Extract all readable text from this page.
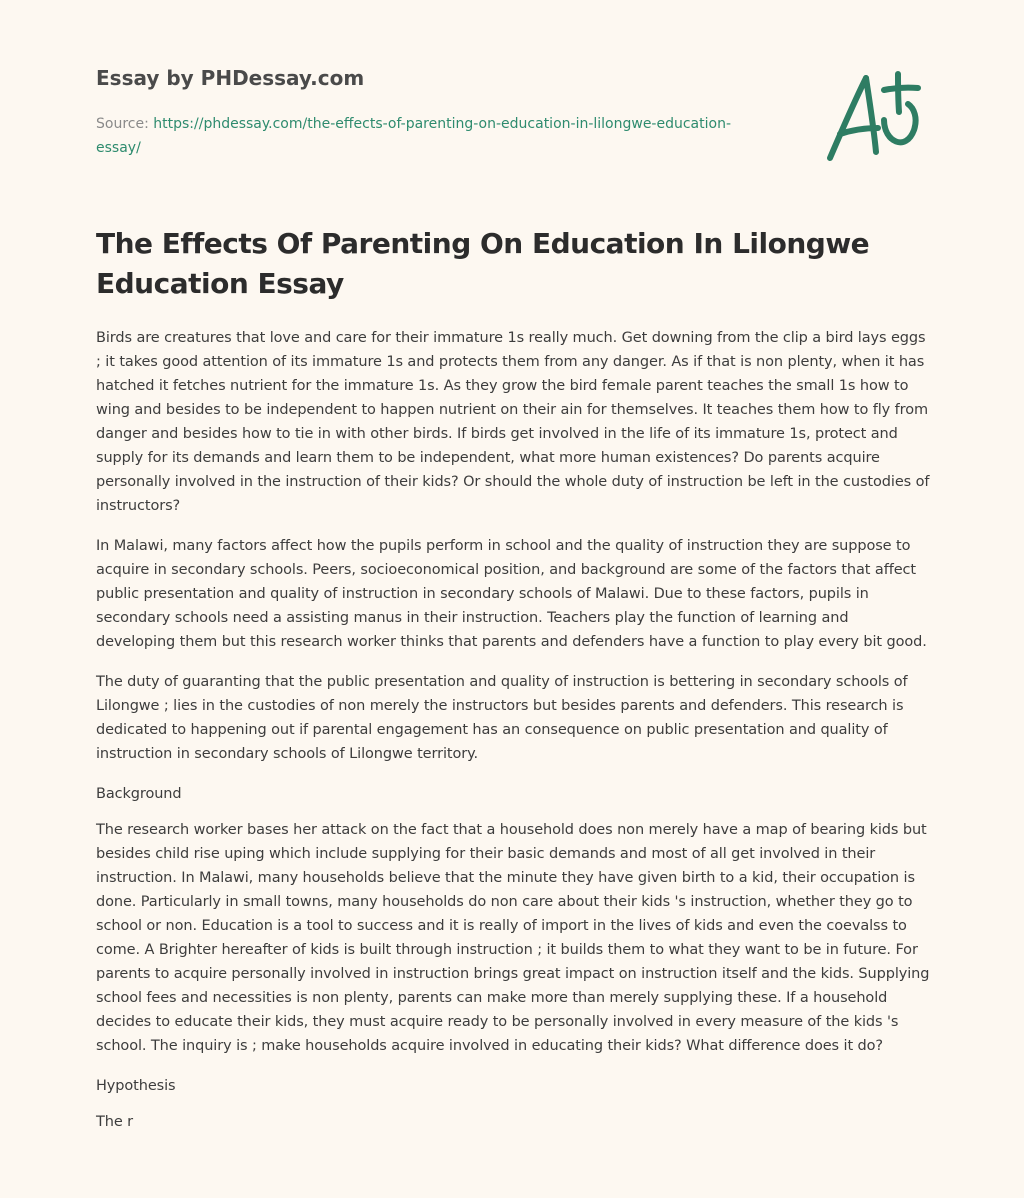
Essay by PHDessay.com
Source: https://phdessay.com/the-effects-of-parenting-on-education-in-lilongwe-education-essay/
The Effects Of Parenting On Education In Lilongwe Education Essay

Birds are creatures that love and care for their immature 1s really much. Get downing from the clip a bird lays eggs ; it takes good attention of its immature 1s and protects them from any danger. As if that is non plenty, when it has hatched it fetches nutrient for the immature 1s. As they grow the bird female parent teaches the small 1s how to wing and besides to be independent to happen nutrient on their ain for themselves. It teaches them how to fly from danger and besides how to tie in with other birds. If birds get involved in the life of its immature 1s, protect and supply for its demands and learn them to be independent, what more human existences? Do parents acquire personally involved in the instruction of their kids? Or should the whole duty of instruction be left in the custodies of instructors?

In Malawi, many factors affect how the pupils perform in school and the quality of instruction they are suppose to acquire in secondary schools. Peers, socioeconomical position, and background are some of the factors that affect public presentation and quality of instruction in secondary schools of Malawi. Due to these factors, pupils in secondary schools need a assisting manus in their instruction. Teachers play the function of learning and developing them but this research worker thinks that parents and defenders have a function to play every bit good.

The duty of guaranting that the public presentation and quality of instruction is bettering in secondary schools of Lilongwe ; lies in the custodies of non merely the instructors but besides parents and defenders. This research is dedicated to happening out if parental engagement has an consequence on public presentation and quality of instruction in secondary schools of Lilongwe territory.

Background

The research worker bases her attack on the fact that a household does non merely have a map of bearing kids but besides child rise uping which include supplying for their basic demands and most of all get involved in their instruction. In Malawi, many households believe that the minute they have given birth to a kid, their occupation is done. Particularly in small towns, many households do non care about their kids 's instruction, whether they go to school or non. Education is a tool to success and it is really of import in the lives of kids and even the coevalss to come. A Brighter hereafter of kids is built through instruction ; it builds them to what they want to be in future. For parents to acquire personally involved in instruction brings great impact on instruction itself and the kids. Supplying school fees and necessities is non plenty, parents can make more than merely supplying these. If a household decides to educate their kids, they must acquire ready to be personally involved in every measure of the kids 's school. The inquiry is ; make households acquire involved in educating their kids? What difference does it do?

Hypothesis

The r
